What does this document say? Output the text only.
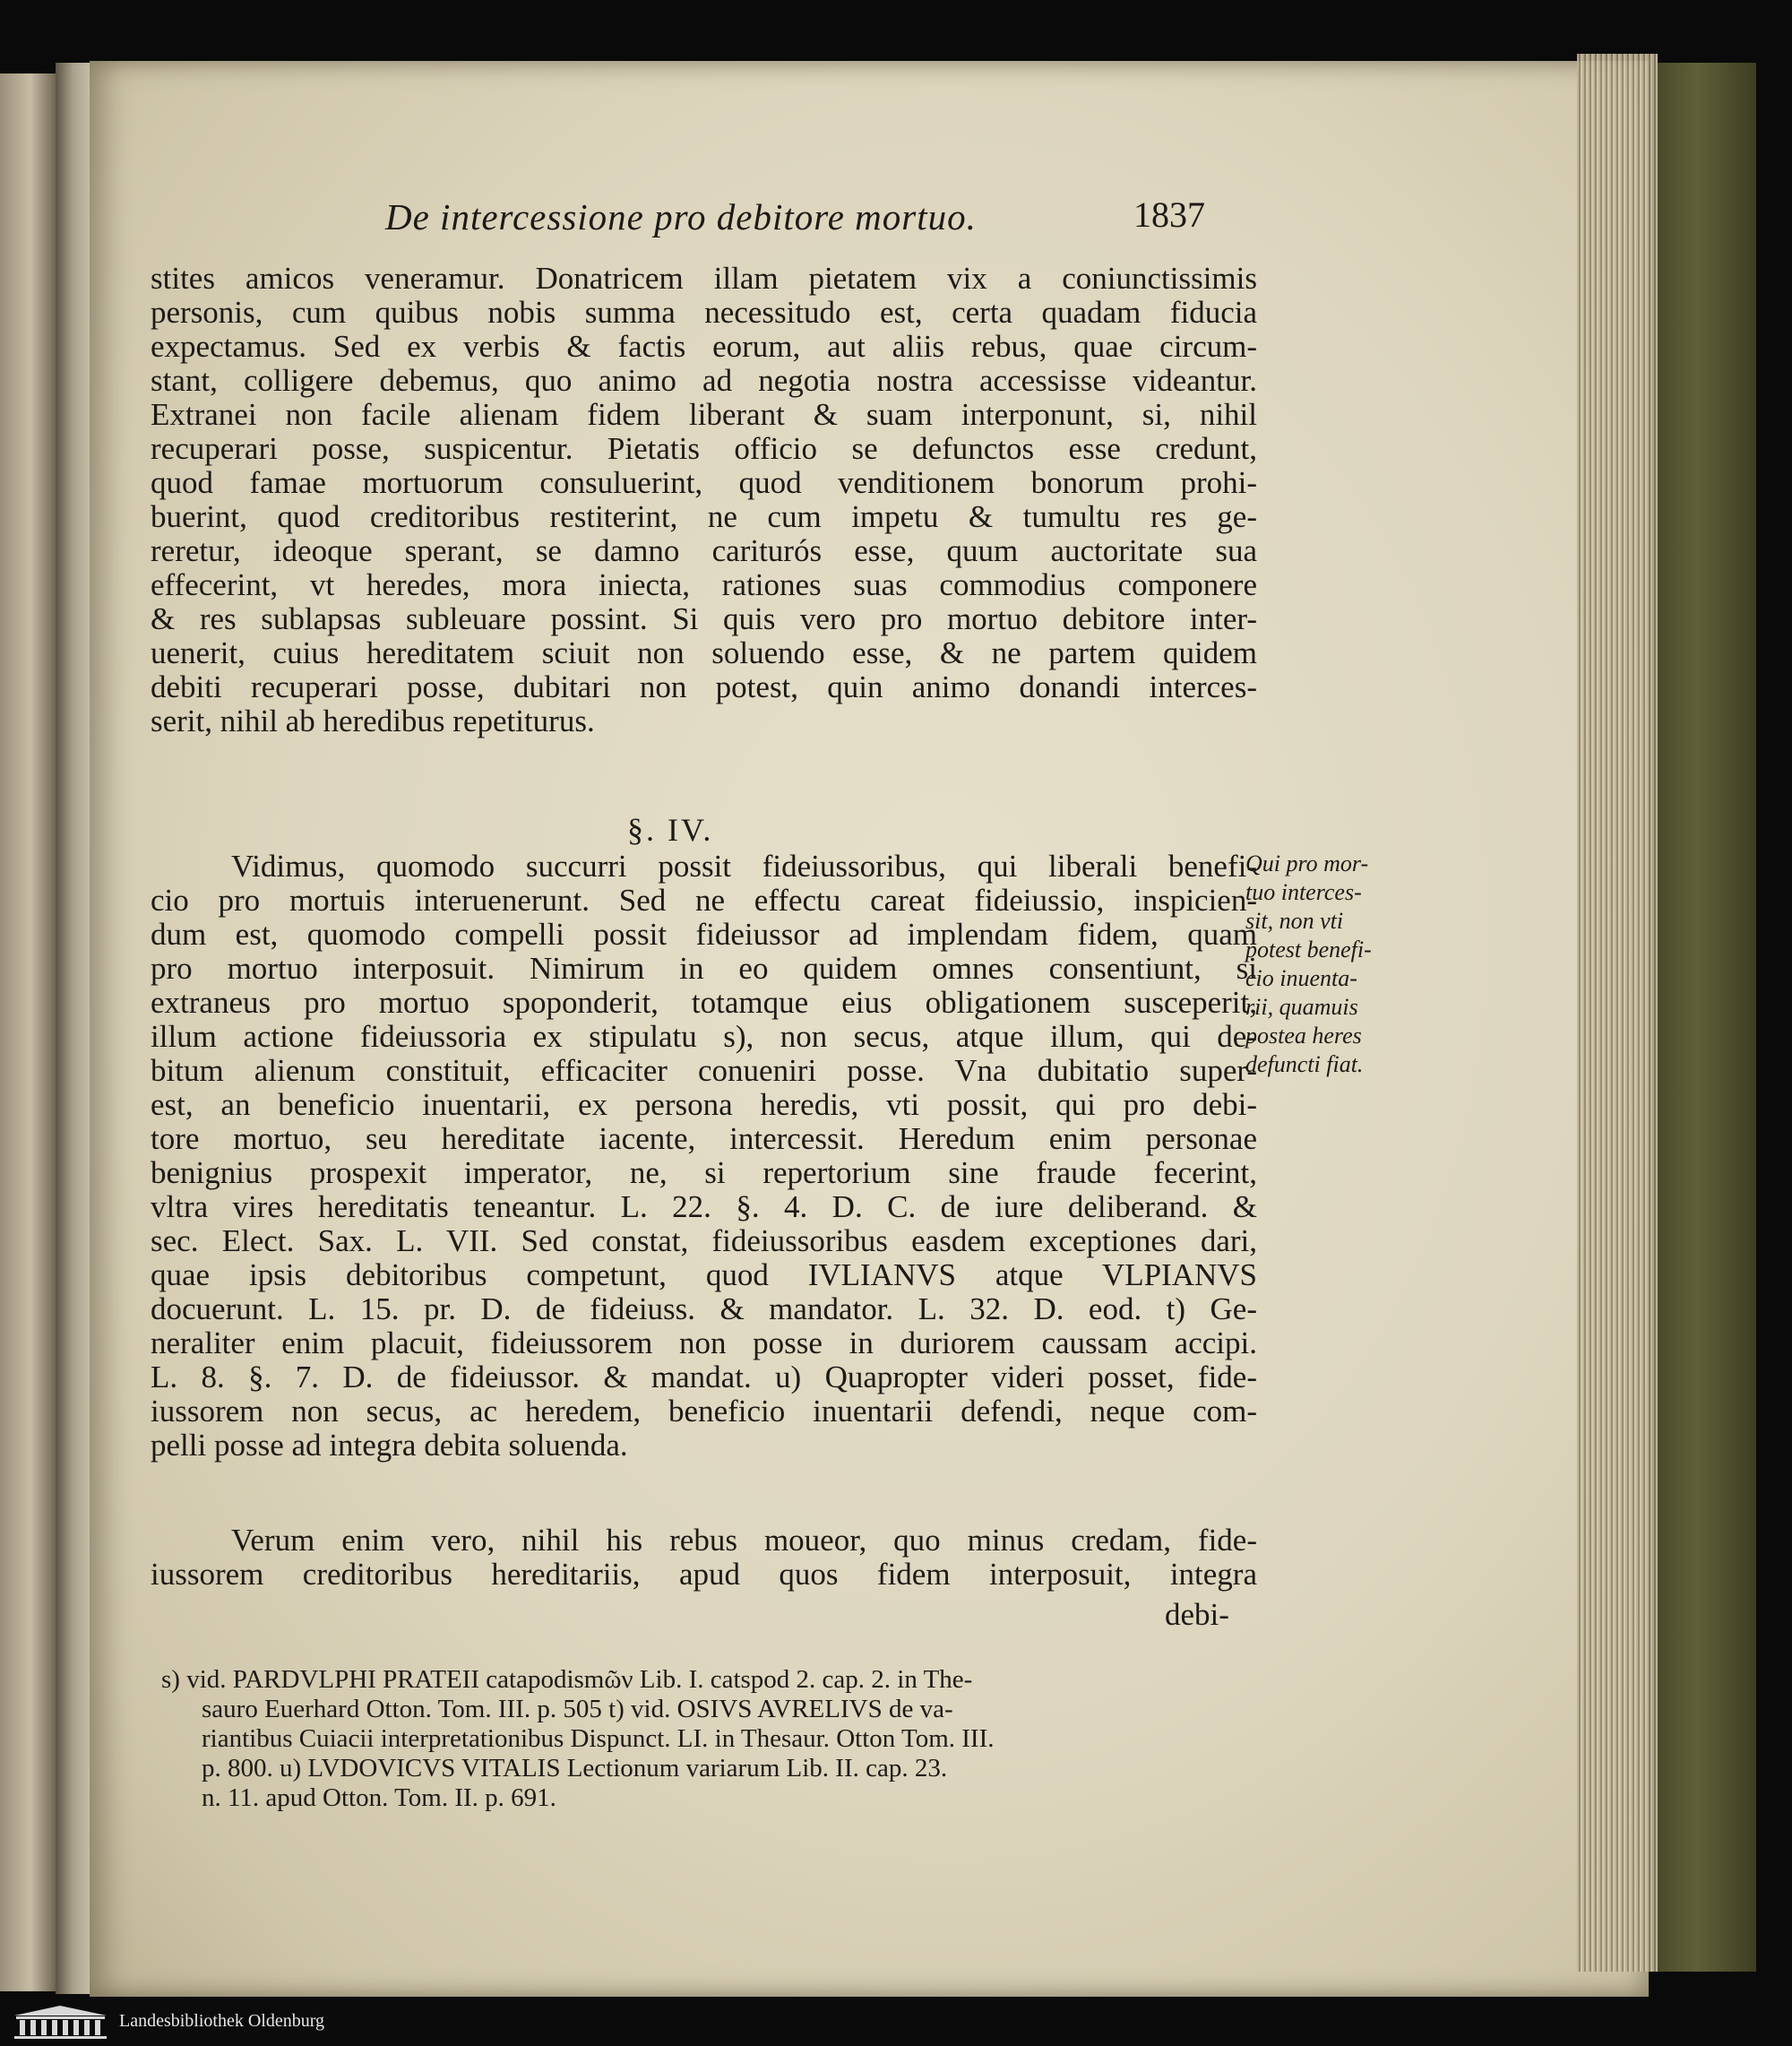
De intercessione pro debitore mortuo.	1837
stites amicos veneramur. Donatricem illam pietatem vix a coniunctissimis
personis, cum quibus nobis summa necessitudo est, certa quadam fiducia
expectamus. Sed ex verbis & factis eorum, aut aliis rebus, quae circum-
stant, colligere debemus, quo animo ad negotia nostra accessisse videantur.
Extranei non facile alienam fidem liberant & suam interponunt, si, nihil
recuperari posse, suspicentur. Pietatis officio se defunctos esse credunt,
quod famae mortuorum consuluerint, quod venditionem bonorum prohi-
buerint, quod creditoribus restiterint, ne cum impetu & tumultu res ge-
reretur, ideoque sperant, se damno cariturós esse, quum auctoritate sua
effecerint, vt heredes, mora iniecta, rationes suas commodius componere
& res sublapsas subleuare possint. Si quis vero pro mortuo debitore inter-
uenerit, cuius hereditatem sciuit non soluendo esse, & ne partem quidem
debiti recuperari posse, dubitari non potest, quin animo donandi interces-
serit, nihil ab heredibus repetiturus.
§. IV.
Vidimus, quomodo succurri possit fideiussoribus, qui liberali benefi-
cio pro mortuis interuenerunt. Sed ne effectu careat fideiussio, inspicien-
dum est, quomodo compelli possit fideiussor ad implendam fidem, quam
pro mortuo interposuit. Nimirum in eo quidem omnes consentiunt, si
extraneus pro mortuo spoponderit, totamque eius obligationem susceperit,
illum actione fideiussoria ex stipulatu s), non secus, atque illum, qui de-
bitum alienum constituit, efficaciter conueniri posse. Vna dubitatio super-
est, an beneficio inuentarii, ex persona heredis, vti possit, qui pro debi-
tore mortuo, seu hereditate iacente, intercessit. Heredum enim personae
benignius prospexit imperator, ne, si repertorium sine fraude fecerint,
vltra vires hereditatis teneantur. L. 22. §. 4. D. C. de iure deliberand. &
sec. Elect. Sax. L. VII. Sed constat, fideiussoribus easdem exceptiones dari,
quae ipsis debitoribus competunt, quod IVLIANVS atque VLPIANVS
docuerunt. L. 15. pr. D. de fideiuss. & mandator. L. 32. D. eod. t) Ge-
neraliter enim placuit, fideiussorem non posse in duriorem caussam accipi.
L. 8. §. 7. D. de fideiussor. & mandat. u) Quapropter videri posset, fide-
iussorem non secus, ac heredem, beneficio inuentarii defendi, neque com-
pelli posse ad integra debita soluenda.
Qui pro mor-
tuo interces-
sit, non vti
potest benefi-
cio inuenta-
rii, quamuis
postea heres
defuncti fiat.
Verum enim vero, nihil his rebus moueor, quo minus credam, fide-
iussorem creditoribus hereditariis, apud quos fidem interposuit, integra
debi-
s) vid. PARDVLPHI PRATEII catapodismῶν Lib. I. catspod 2. cap. 2. in The-
sauro Euerhard Otton. Tom. III. p. 505 t) vid. OSIVS AVRELIVS de va-
riantibus Cuiacii interpretationibus Dispunct. LI. in Thesaur. Otton Tom. III.
p. 800. u) LVDOVICVS VITALIS Lectionum variarum Lib. II. cap. 23.
n. 11. apud Otton. Tom. II. p. 691.
Landesbibliothek Oldenburg
